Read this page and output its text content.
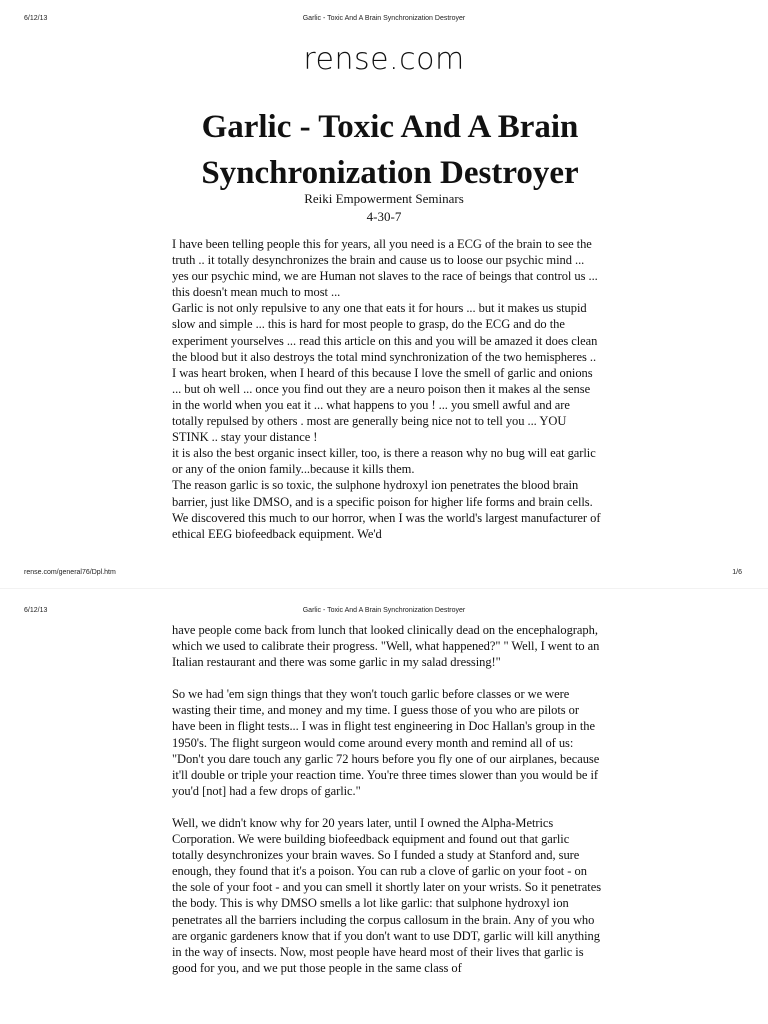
6/12/13	Garlic - Toxic And A Brain Synchronization Destroyer
rense.com
Garlic - Toxic And A Brain Synchronization Destroyer
Reiki Empowerment Seminars
4-30-7

I have been telling people this for years, all you need is a ECG of the brain to see the truth .. it totally desynchronizes the brain and cause us to loose our psychic mind ... yes our psychic mind, we are Human not slaves to the race of beings that control us ... this doesn't mean much to most ...

Garlic is not only repulsive to any one that eats it for hours ... but it makes us stupid slow and simple ... this is hard for most people to grasp, do the ECG and do the experiment yourselves ... read this article on this and you will be amazed it does clean the blood but it also destroys the total mind synchronization of the two hemispheres .. I was heart broken, when I heard of this because I love the smell of garlic and onions ... but oh well ... once you find out they are a neuro poison then it makes al the sense in the world when you eat it ... what happens to you ! ... you smell awful and are totally repulsed by others . most are generally being nice not to tell you ... YOU STINK .. stay your distance !

it is also the best organic insect killer, too, is there a reason why no bug will eat garlic or any of the onion family...because it kills them.

The reason garlic is so toxic, the sulphone hydroxyl ion penetrates the blood brain barrier, just like DMSO, and is a specific poison for higher life forms and brain cells. We discovered this much to our horror, when I was the world's largest manufacturer of ethical EEG biofeedback equipment. We'd

rense.com/general76/Dpl.htm	1/6
6/12/13	Garlic - Toxic And A Brain Synchronization Destroyer

have people come back from lunch that looked clinically dead on the encephalograph, which we used to calibrate their progress. "Well, what happened?" " Well, I went to an Italian restaurant and there was some garlic in my salad dressing!"

So we had 'em sign things that they won't touch garlic before classes or we were wasting their time, and money and my time. I guess those of you who are pilots or have been in flight tests... I was in flight test engineering in Doc Hallan's group in the 1950's. The flight surgeon would come around every month and remind all of us: "Don't you dare touch any garlic 72 hours before you fly one of our airplanes, because it'll double or triple your reaction time. You're three times slower than you would be if you'd [not] had a few drops of garlic."

Well, we didn't know why for 20 years later, until I owned the Alpha-Metrics Corporation. We were building biofeedback equipment and found out that garlic totally desynchronizes your brain waves. So I funded a study at Stanford and, sure enough, they found that it's a poison. You can rub a clove of garlic on your foot - on the sole of your foot - and you can smell it shortly later on your wrists. So it penetrates the body. This is why DMSO smells a lot like garlic: that sulphone hydroxyl ion penetrates all the barriers including the corpus callosum in the brain. Any of you who are organic gardeners know that if you don't want to use DDT, garlic will kill anything in the way of insects. Now, most people have heard most of their lives that garlic is good for you, and we put those people in the same class of
